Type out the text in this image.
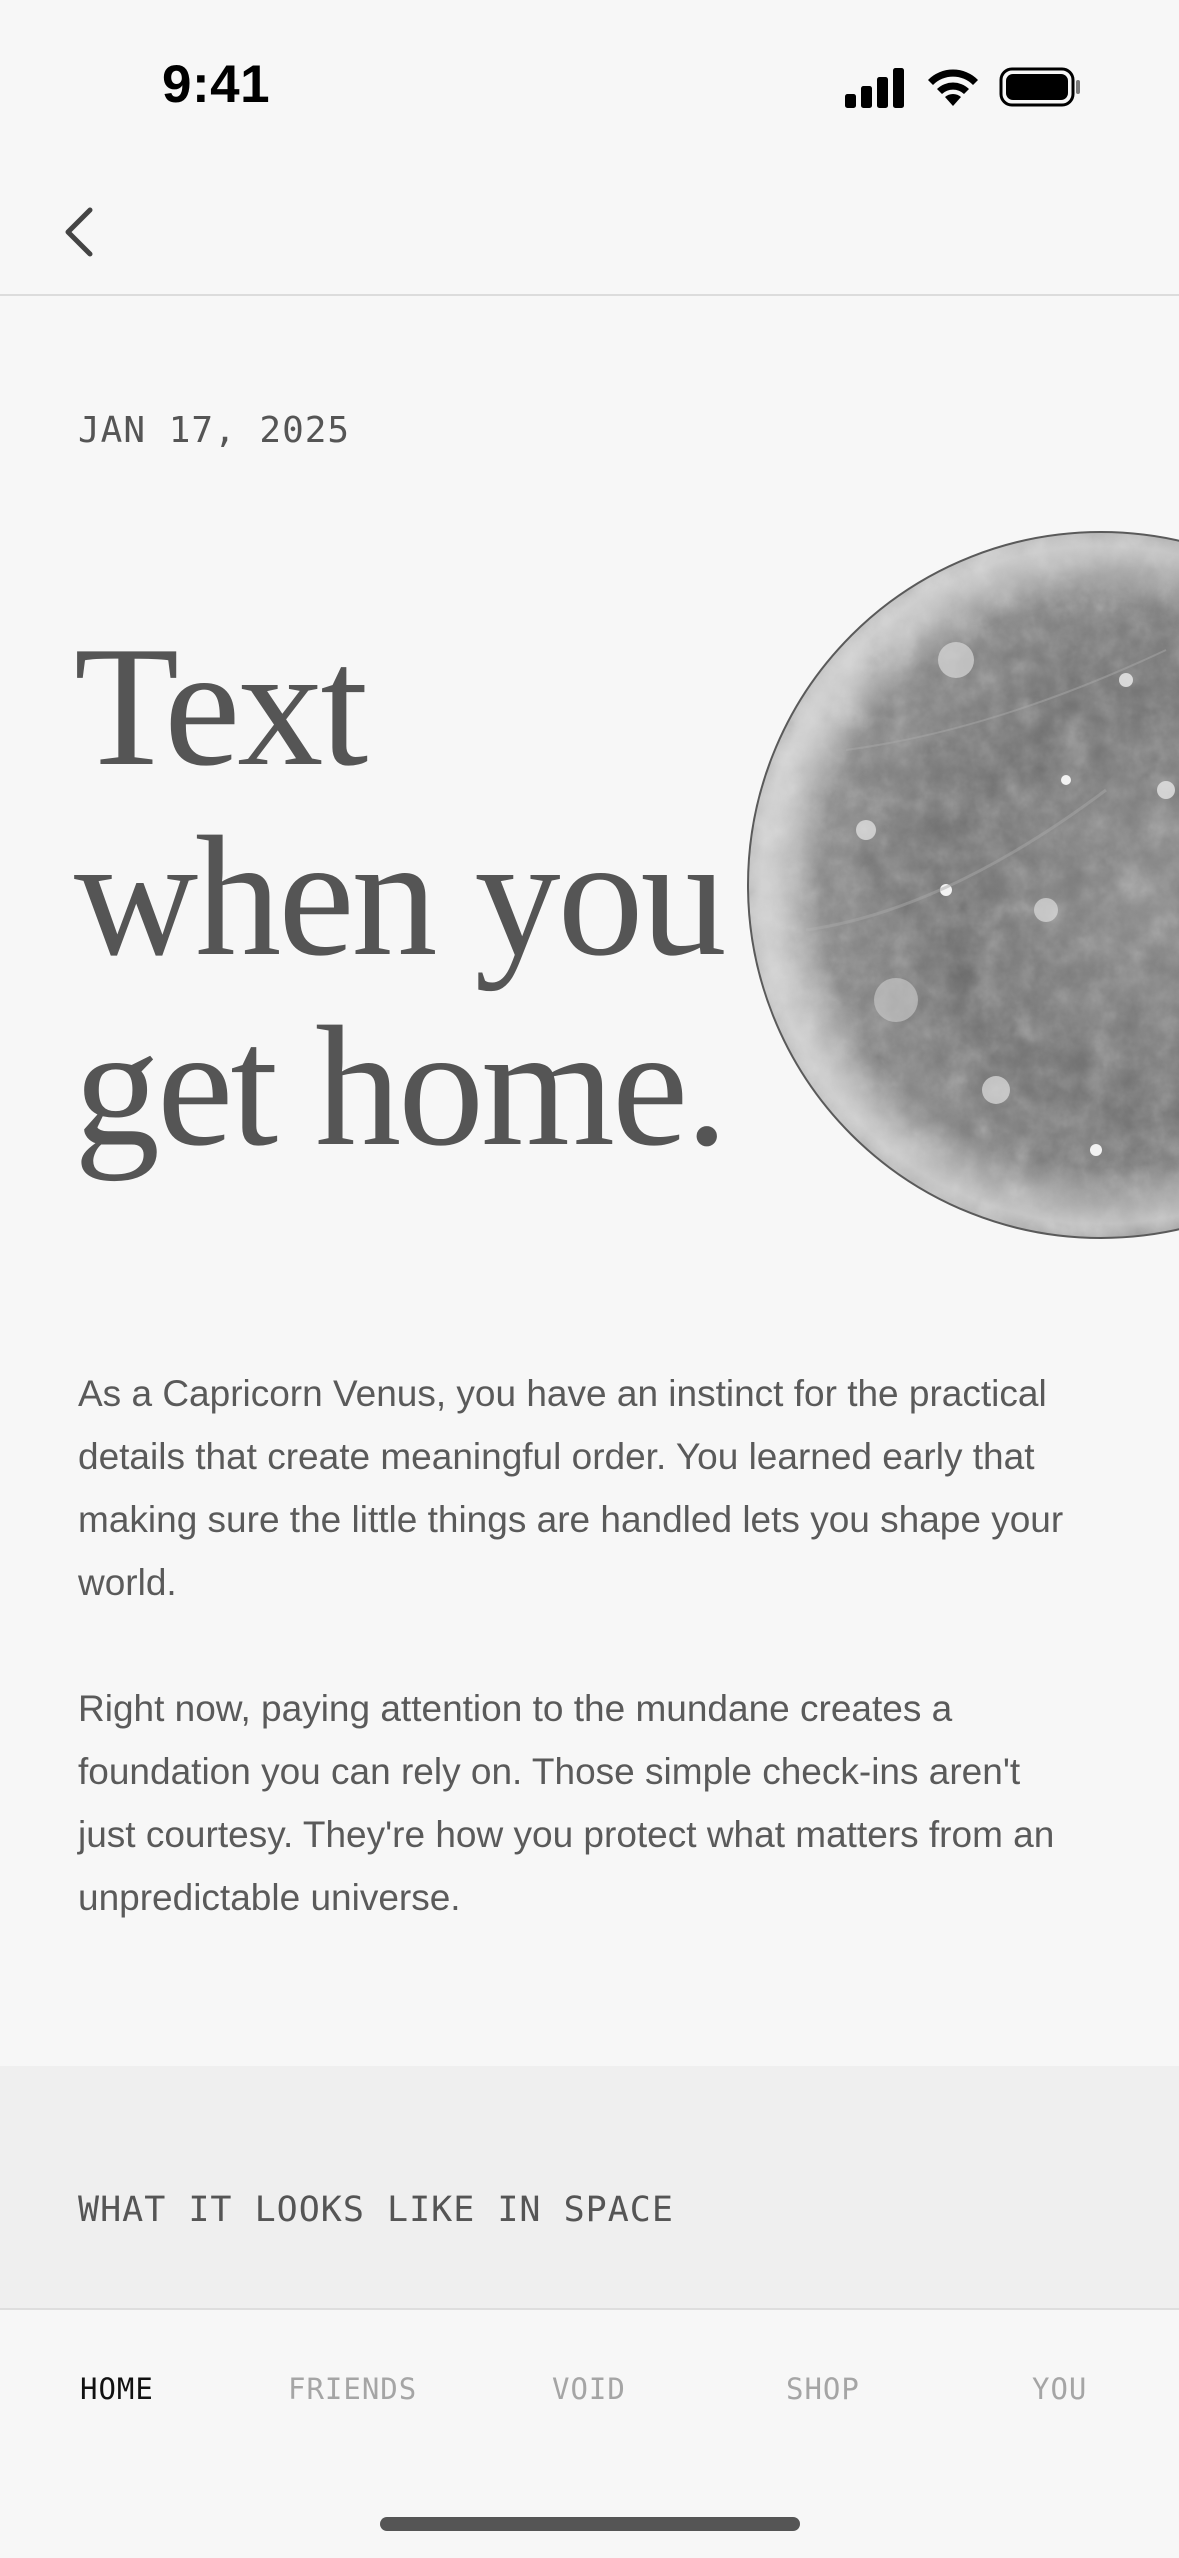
9:41
JAN 17, 2025
Text
when you
get home.

As a Capricorn Venus, you have an instinct for the practical details that create meaningful order. You learned early that making sure the little things are handled lets you shape your world.

Right now, paying attention to the mundane creates a foundation you can rely on. Those simple check-ins aren't just courtesy. They're how you protect what matters from an unpredictable universe.

WHAT IT LOOKS LIKE IN SPACE
HOME	FRIENDS	VOID	SHOP	YOU
